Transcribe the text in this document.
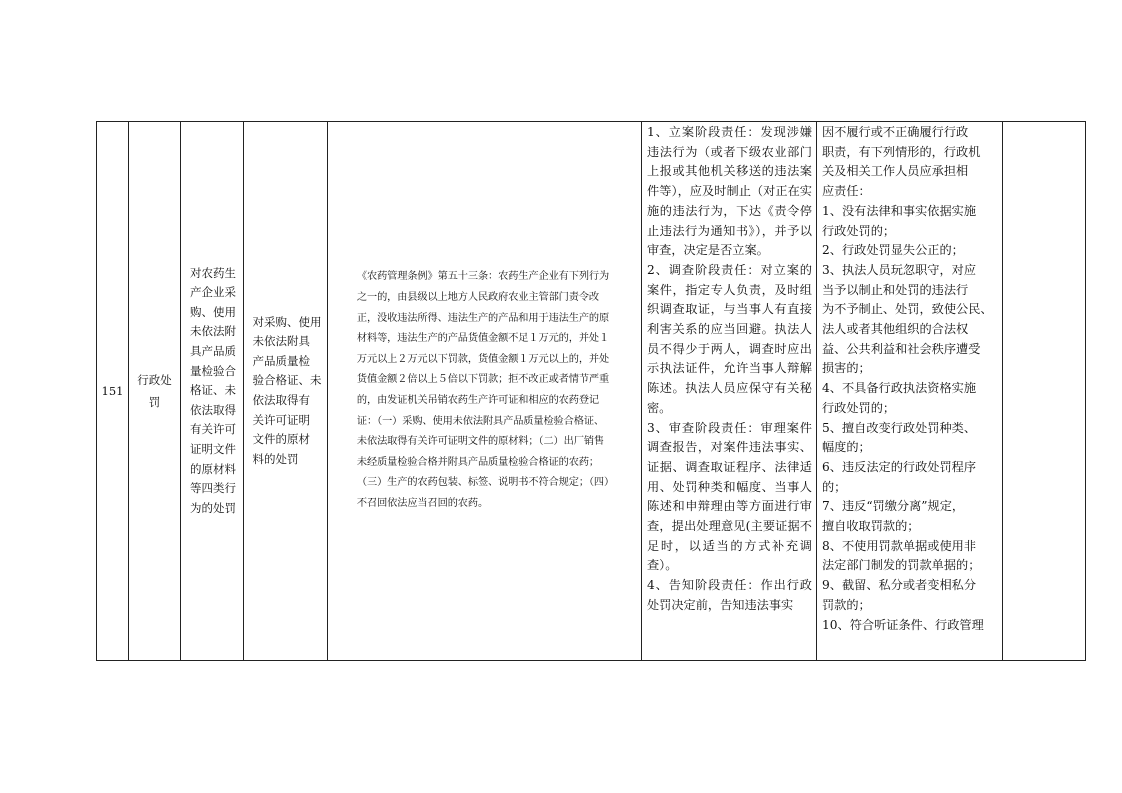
151
行政处
罚
对农药生
产企业采
购、使用
未依法附
具产品质
量检验合
格证、未
依法取得
有关许可
证明文件
的原材料
等四类行
为的处罚
对采购、使用
未依法附具
产品质量检
验合格证、未
依法取得有
关许可证明
文件的原材
料的处罚
《农药管理条例》第五十三条：农药生产企业有下列行为
之一的，由县级以上地方人民政府农业主管部门责令改
正，没收违法所得、违法生产的产品和用于违法生产的原
材料等，违法生产的产品货值金额不足１万元的，并处１
万元以上２万元以下罚款，货值金额１万元以上的，并处
货值金额２倍以上５倍以下罚款；拒不改正或者情节严重
的，由发证机关吊销农药生产许可证和相应的农药登记
证：（一）采购、使用未依法附具产品质量检验合格证、
未依法取得有关许可证明文件的原材料；（二）出厂销售
未经质量检验合格并附具产品质量检验合格证的农药；
（三）生产的农药包装、标签、说明书不符合规定；（四）
不召回依法应当召回的农药。
1、立案阶段责任：发现涉嫌违法行为（或者下级农业部门上报或其他机关移送的违法案件等），应及时制止（对正在实施的违法行为，下达《责令停止违法行为通知书》），并予以审查，决定是否立案。
2、调查阶段责任：对立案的案件，指定专人负责，及时组织调查取证，与当事人有直接利害关系的应当回避。执法人员不得少于两人，调查时应出示执法证件，允许当事人辩解陈述。执法人员应保守有关秘密。
3、审查阶段责任：审理案件调查报告，对案件违法事实、证据、调查取证程序、法律适用、处罚种类和幅度、当事人陈述和申辩理由等方面进行审查，提出处理意见(主要证据不足时，以适当的方式补充调查）。
4、告知阶段责任：作出行政处罚决定前，告知违法事实
因不履行或不正确履行行政
职责，有下列情形的，行政机
关及相关工作人员应承担相
应责任：
1、没有法律和事实依据实施
行政处罚的；
2、行政处罚显失公正的；
3、执法人员玩忽职守，对应
当予以制止和处罚的违法行
为不予制止、处罚，致使公民、
法人或者其他组织的合法权
益、公共利益和社会秩序遭受
损害的；
4、不具备行政执法资格实施
行政处罚的；
5、擅自改变行政处罚种类、
幅度的；
6、违反法定的行政处罚程序
的；
7、违反“罚缴分离”规定，
擅自收取罚款的；
8、不使用罚款单据或使用非
法定部门制发的罚款单据的；
9、截留、私分或者变相私分
罚款的；
10、符合听证条件、行政管理
